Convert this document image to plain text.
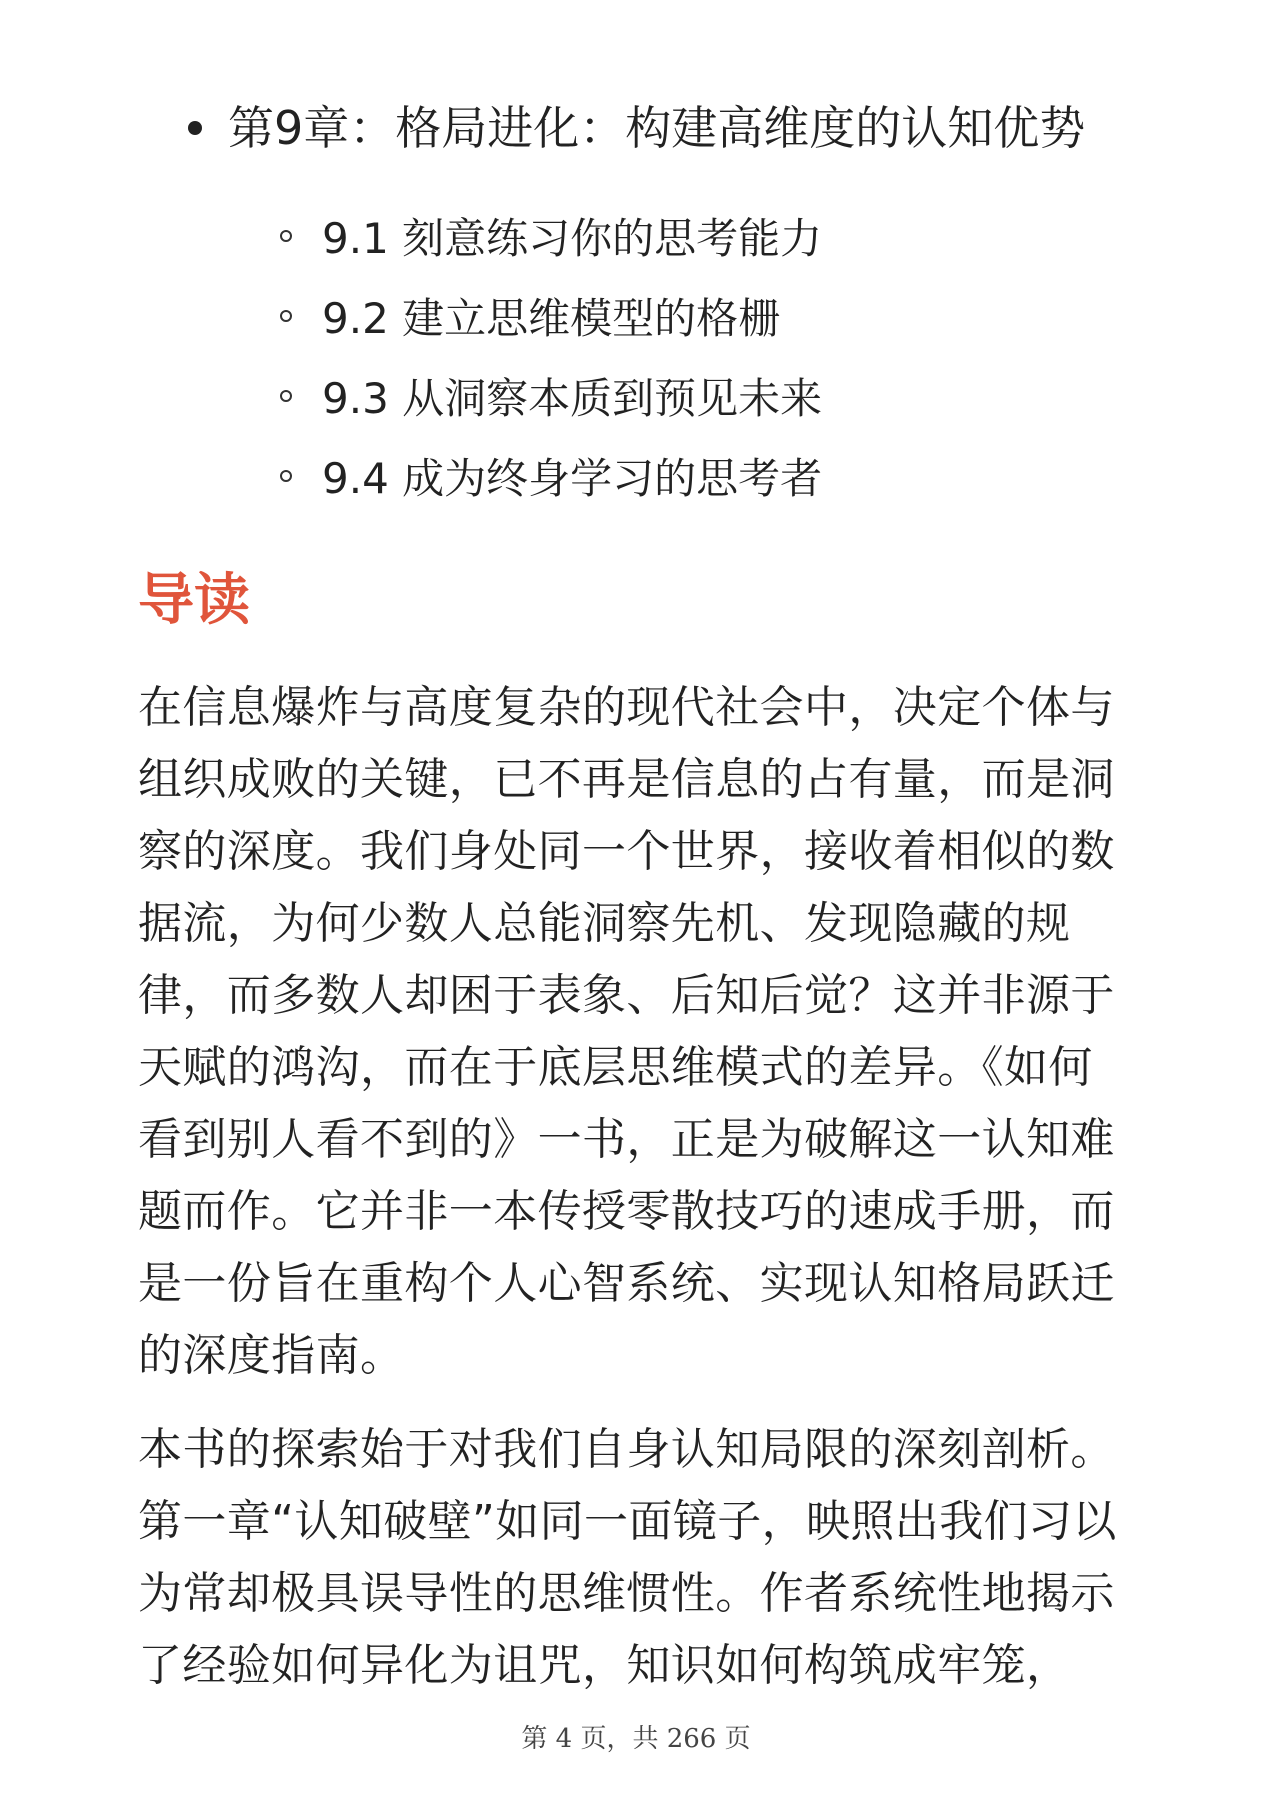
第9章：格局进化：构建高维度的认知优势
9.1 刻意练习你的思考能力
9.2 建立思维模型的格栅
9.3 从洞察本质到预见未来
9.4 成为终身学习的思考者
导读

在信息爆炸与高度复杂的现代社会中，决定个体与组织成败的关键，已不再是信息的占有量，而是洞察的深度。我们身处同一个世界，接收着相似的数据流，为何少数人总能洞察先机、发现隐藏的规律，而多数人却困于表象、后知后觉？这并非源于天赋的鸿沟，而在于底层思维模式的差异。《如何看到别人看不到的》一书，正是为破解这一认知难题而作。它并非一本传授零散技巧的速成手册，而是一份旨在重构个人心智系统、实现认知格局跃迁的深度指南。

本书的探索始于对我们自身认知局限的深刻剖析。第一章“认知破壁”如同一面镜子，映照出我们习以为常却极具误导性的思维惯性。作者系统性地揭示了经验如何异化为诅咒，知识如何构筑成牢笼，

第 4 页，共 266 页
